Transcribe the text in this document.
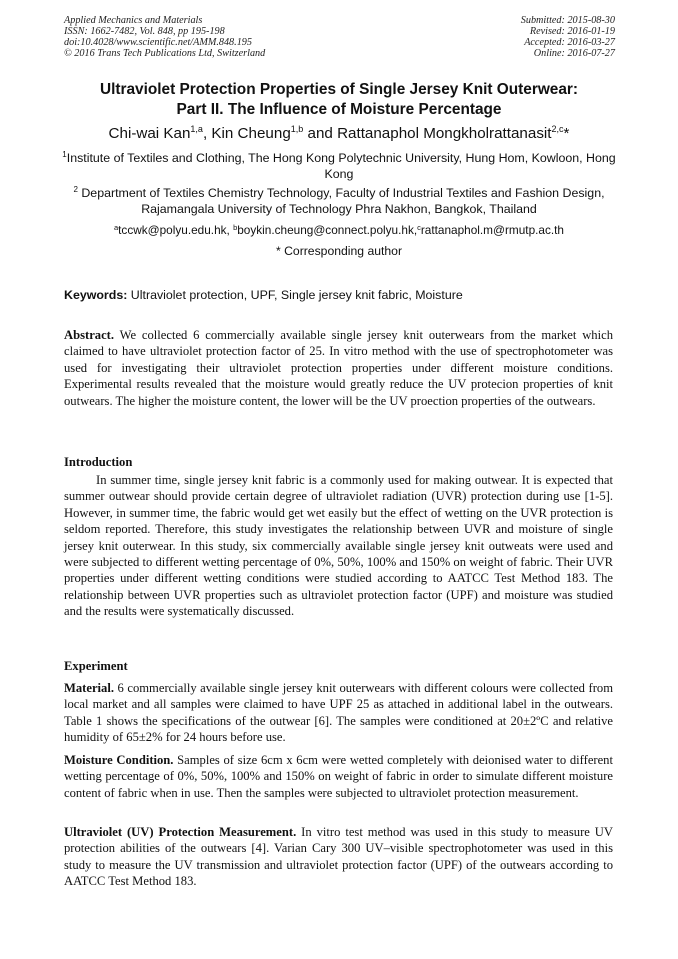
Applied Mechanics and Materials
ISSN: 1662-7482, Vol. 848, pp 195-198
doi:10.4028/www.scientific.net/AMM.848.195
© 2016 Trans Tech Publications Ltd, Switzerland
Submitted: 2015-08-30
Revised: 2016-01-19
Accepted: 2016-03-27
Online: 2016-07-27
Ultraviolet Protection Properties of Single Jersey Knit Outerwear:
Part II. The Influence of Moisture Percentage
Chi-wai Kan$^{1,a}$, Kin Cheung$^{1,b}$ and Rattanaphol Mongkholrattanasit$^{2,c}$*
$^1$Institute of Textiles and Clothing, The Hong Kong Polytechnic University, Hung Hom, Kowloon, Hong Kong
$^2$ Department of Textiles Chemistry Technology, Faculty of Industrial Textiles and Fashion Design,
Rajamangala University of Technology Phra Nakhon, Bangkok, Thailand
$^a$tccwk@polyu.edu.hk, $^b$boykin.cheung@connect.polyu.hk,$^c$rattanaphol.m@rmutp.ac.th
* Corresponding author
Keywords: Ultraviolet protection, UPF, Single jersey knit fabric, Moisture
Abstract. We collected 6 commercially available single jersey knit outerwears from the market which claimed to have ultraviolet protection factor of 25. In vitro method with the use of spectrophotometer was used for investigating their ultraviolet protection properties under different moisture conditions. Experimental results revealed that the moisture would greatly reduce the UV protecion properties of knit outwears. The higher the moisture content, the lower will be the UV proection properties of the outwears.
Introduction
In summer time, single jersey knit fabric is a commonly used for making outwear. It is expected that summer outwear should provide certain degree of ultraviolet radiation (UVR) protection during use [1-5]. However, in summer time, the fabric would get wet easily but the effect of wetting on the UVR protection is seldom reported. Therefore, this study investigates the relationship between UVR and moisture of single jersey knit outerwear. In this study, six commercially available single jersey knit outweats were used and were subjected to different wetting percentage of 0%, 50%, 100% and 150% on weight of fabric. Their UVR properties under different wetting conditions were studied according to AATCC Test Method 183. The relationship between UVR properties such as ultraviolet protection factor (UPF) and moisture was studied and the results were systematically discussed.
Experiment
Material. 6 commercially available single jersey knit outerwears with different colours were collected from local market and all samples were claimed to have UPF 25 as attached in additional label in the outwears. Table 1 shows the specifications of the outwear [6]. The samples were conditioned at 20±2ºC and relative humidity of 65±2% for 24 hours before use.
Moisture Condition. Samples of size 6cm x 6cm were wetted completely with deionised water to different wetting percentage of 0%, 50%, 100% and 150% on weight of fabric in order to simulate different moisture content of fabric when in use. Then the samples were subjected to ultraviolet protection measurement.
Ultraviolet (UV) Protection Measurement. In vitro test method was used in this study to measure UV protection abilities of the outwears [4]. Varian Cary 300 UV–visible spectrophotometer was used in this study to measure the UV transmission and ultraviolet protection factor (UPF) of the outwears according to AATCC Test Method 183.
